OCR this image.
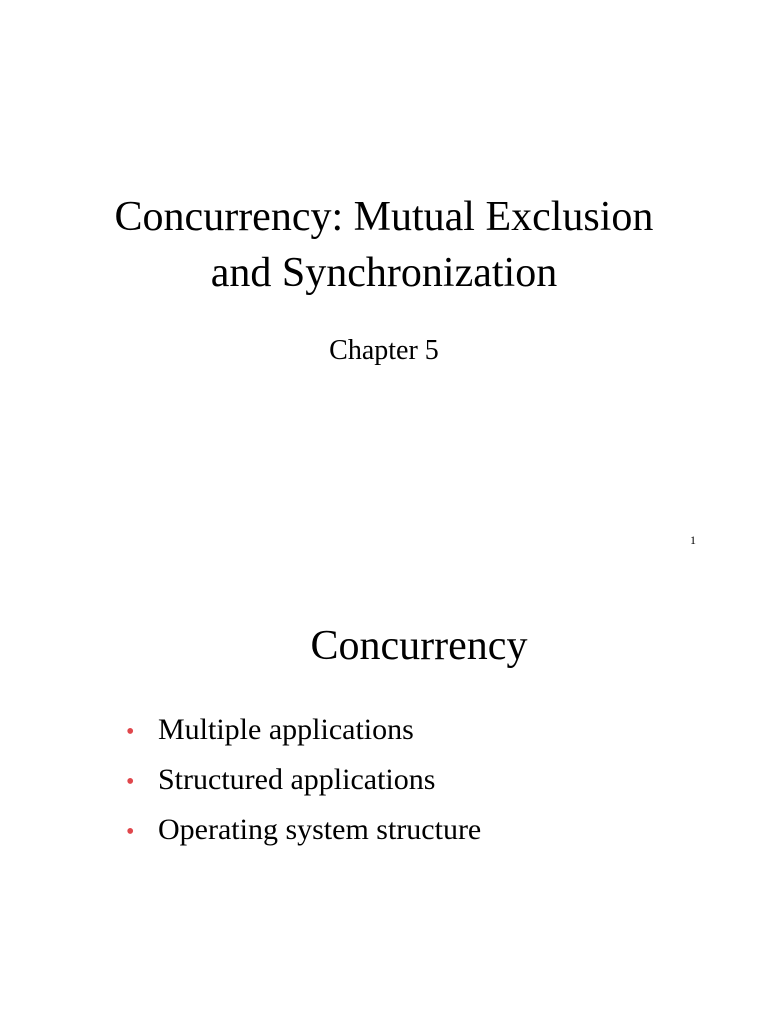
Concurrency: Mutual Exclusion
and Synchronization
Chapter 5
1
Concurrency
• Multiple applications
• Structured applications
• Operating system structure
